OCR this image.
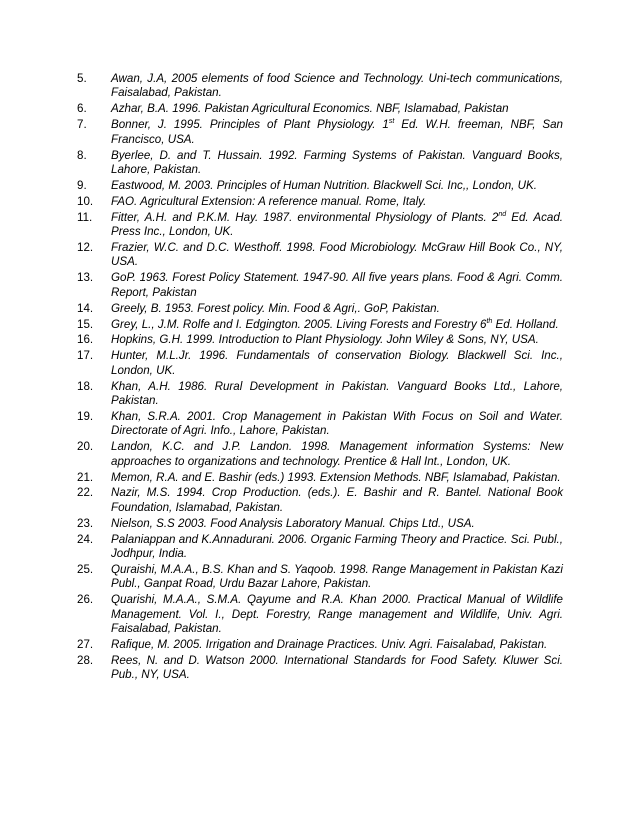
5.	Awan, J.A, 2005 elements of food Science and Technology. Uni-tech communications, Faisalabad, Pakistan.
6.	Azhar, B.A. 1996. Pakistan Agricultural Economics. NBF, Islamabad, Pakistan
7.	Bonner, J. 1995. Principles of Plant Physiology. 1st Ed. W.H. freeman, NBF, San Francisco, USA.
8.	Byerlee, D. and T. Hussain. 1992. Farming Systems of Pakistan. Vanguard Books, Lahore, Pakistan.
9.	Eastwood, M. 2003. Principles of Human Nutrition. Blackwell Sci. Inc,, London, UK.
10.	FAO. Agricultural Extension: A reference manual. Rome, Italy.
11.	Fitter, A.H. and P.K.M. Hay. 1987. environmental Physiology of Plants. 2nd Ed. Acad. Press Inc., London, UK.
12.	Frazier, W.C. and D.C. Westhoff. 1998. Food Microbiology. McGraw Hill Book Co., NY, USA.
13.	GoP. 1963. Forest Policy Statement. 1947-90. All five years plans. Food & Agri. Comm. Report, Pakistan
14.	Greely, B. 1953. Forest policy. Min. Food & Agri,. GoP, Pakistan.
15.	Grey, L., J.M. Rolfe and I. Edgington. 2005. Living Forests and Forestry 6th Ed. Holland.
16.	Hopkins, G.H. 1999. Introduction to Plant Physiology. John Wiley & Sons, NY, USA.
17.	Hunter, M.L.Jr. 1996. Fundamentals of conservation Biology. Blackwell Sci. Inc., London, UK.
18.	Khan, A.H. 1986. Rural Development in Pakistan. Vanguard Books Ltd., Lahore, Pakistan.
19.	Khan, S.R.A. 2001. Crop Management in Pakistan With Focus on Soil and Water. Directorate of Agri. Info., Lahore, Pakistan.
20.	Landon, K.C. and J.P. Landon. 1998. Management information Systems: New approaches to organizations and technology. Prentice & Hall Int., London, UK.
21.	Memon, R.A. and E. Bashir (eds.) 1993. Extension Methods. NBF, Islamabad, Pakistan.
22.	Nazir, M.S. 1994. Crop Production. (eds.). E. Bashir and R. Bantel. National Book Foundation, Islamabad, Pakistan.
23.	Nielson, S.S 2003. Food Analysis Laboratory Manual. Chips Ltd., USA.
24.	Palaniappan and K.Annadurani. 2006. Organic Farming Theory and Practice. Sci. Publ., Jodhpur, India.
25.	Quraishi, M.A.A., B.S. Khan and S. Yaqoob. 1998. Range Management in Pakistan Kazi Publ., Ganpat Road, Urdu Bazar Lahore, Pakistan.
26.	Quarishi, M.A.A., S.M.A. Qayume and R.A. Khan 2000. Practical Manual of Wildlife Management. Vol. I., Dept. Forestry, Range management and Wildlife, Univ. Agri. Faisalabad, Pakistan.
27.	Rafique, M. 2005. Irrigation and Drainage Practices. Univ. Agri. Faisalabad, Pakistan.
28.	Rees, N. and D. Watson 2000. International Standards for Food Safety. Kluwer Sci. Pub., NY, USA.
